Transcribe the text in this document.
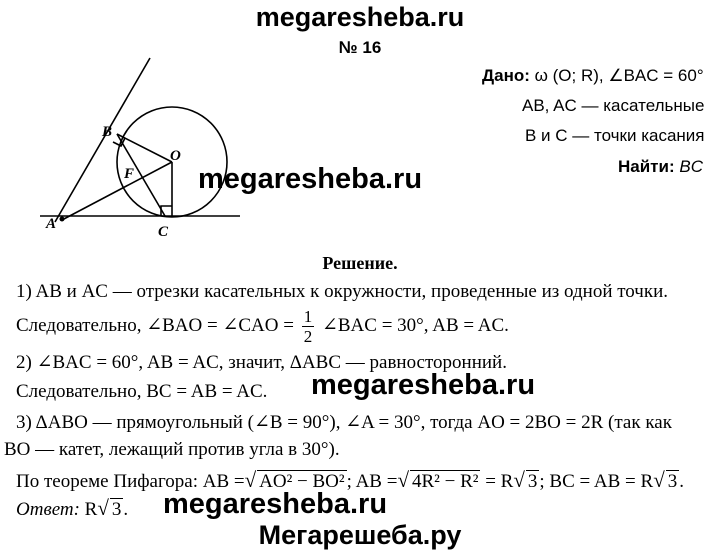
megaresheba.ru
№ 16
Дано: ω (O; R), ∠BAC = 60°
AB, AC — касательные
B и C — точки касания
Найти: BC
A
B
C
O
F megaresheba.ru
megaresheba.ru
megaresheba.ru
Решение.
1) AB и AC — отрезки касательных к окружности, проведенные из одной точки.
Следовательно, ∠BAO = ∠CAO = $\frac{1}{2}$ ∠BAC = 30°, AB = AC.
2) ∠BAC = 60°, AB = AC, значит, ΔABC — равносторонний.
Следовательно, BC = AB = AC.
3) ΔABO — прямоугольный (∠B = 90°), ∠A = 30°, тогда AO = 2BO = 2R (так как
BO — катет, лежащий против угла в 30°).
По теореме Пифагора: AB =√ AO² − BO² ; AB =√ 4R² − R² = R√ 3 ; BC = AB = R√ 3 .
Ответ: R√ 3 .
Мегарешеба.ру
